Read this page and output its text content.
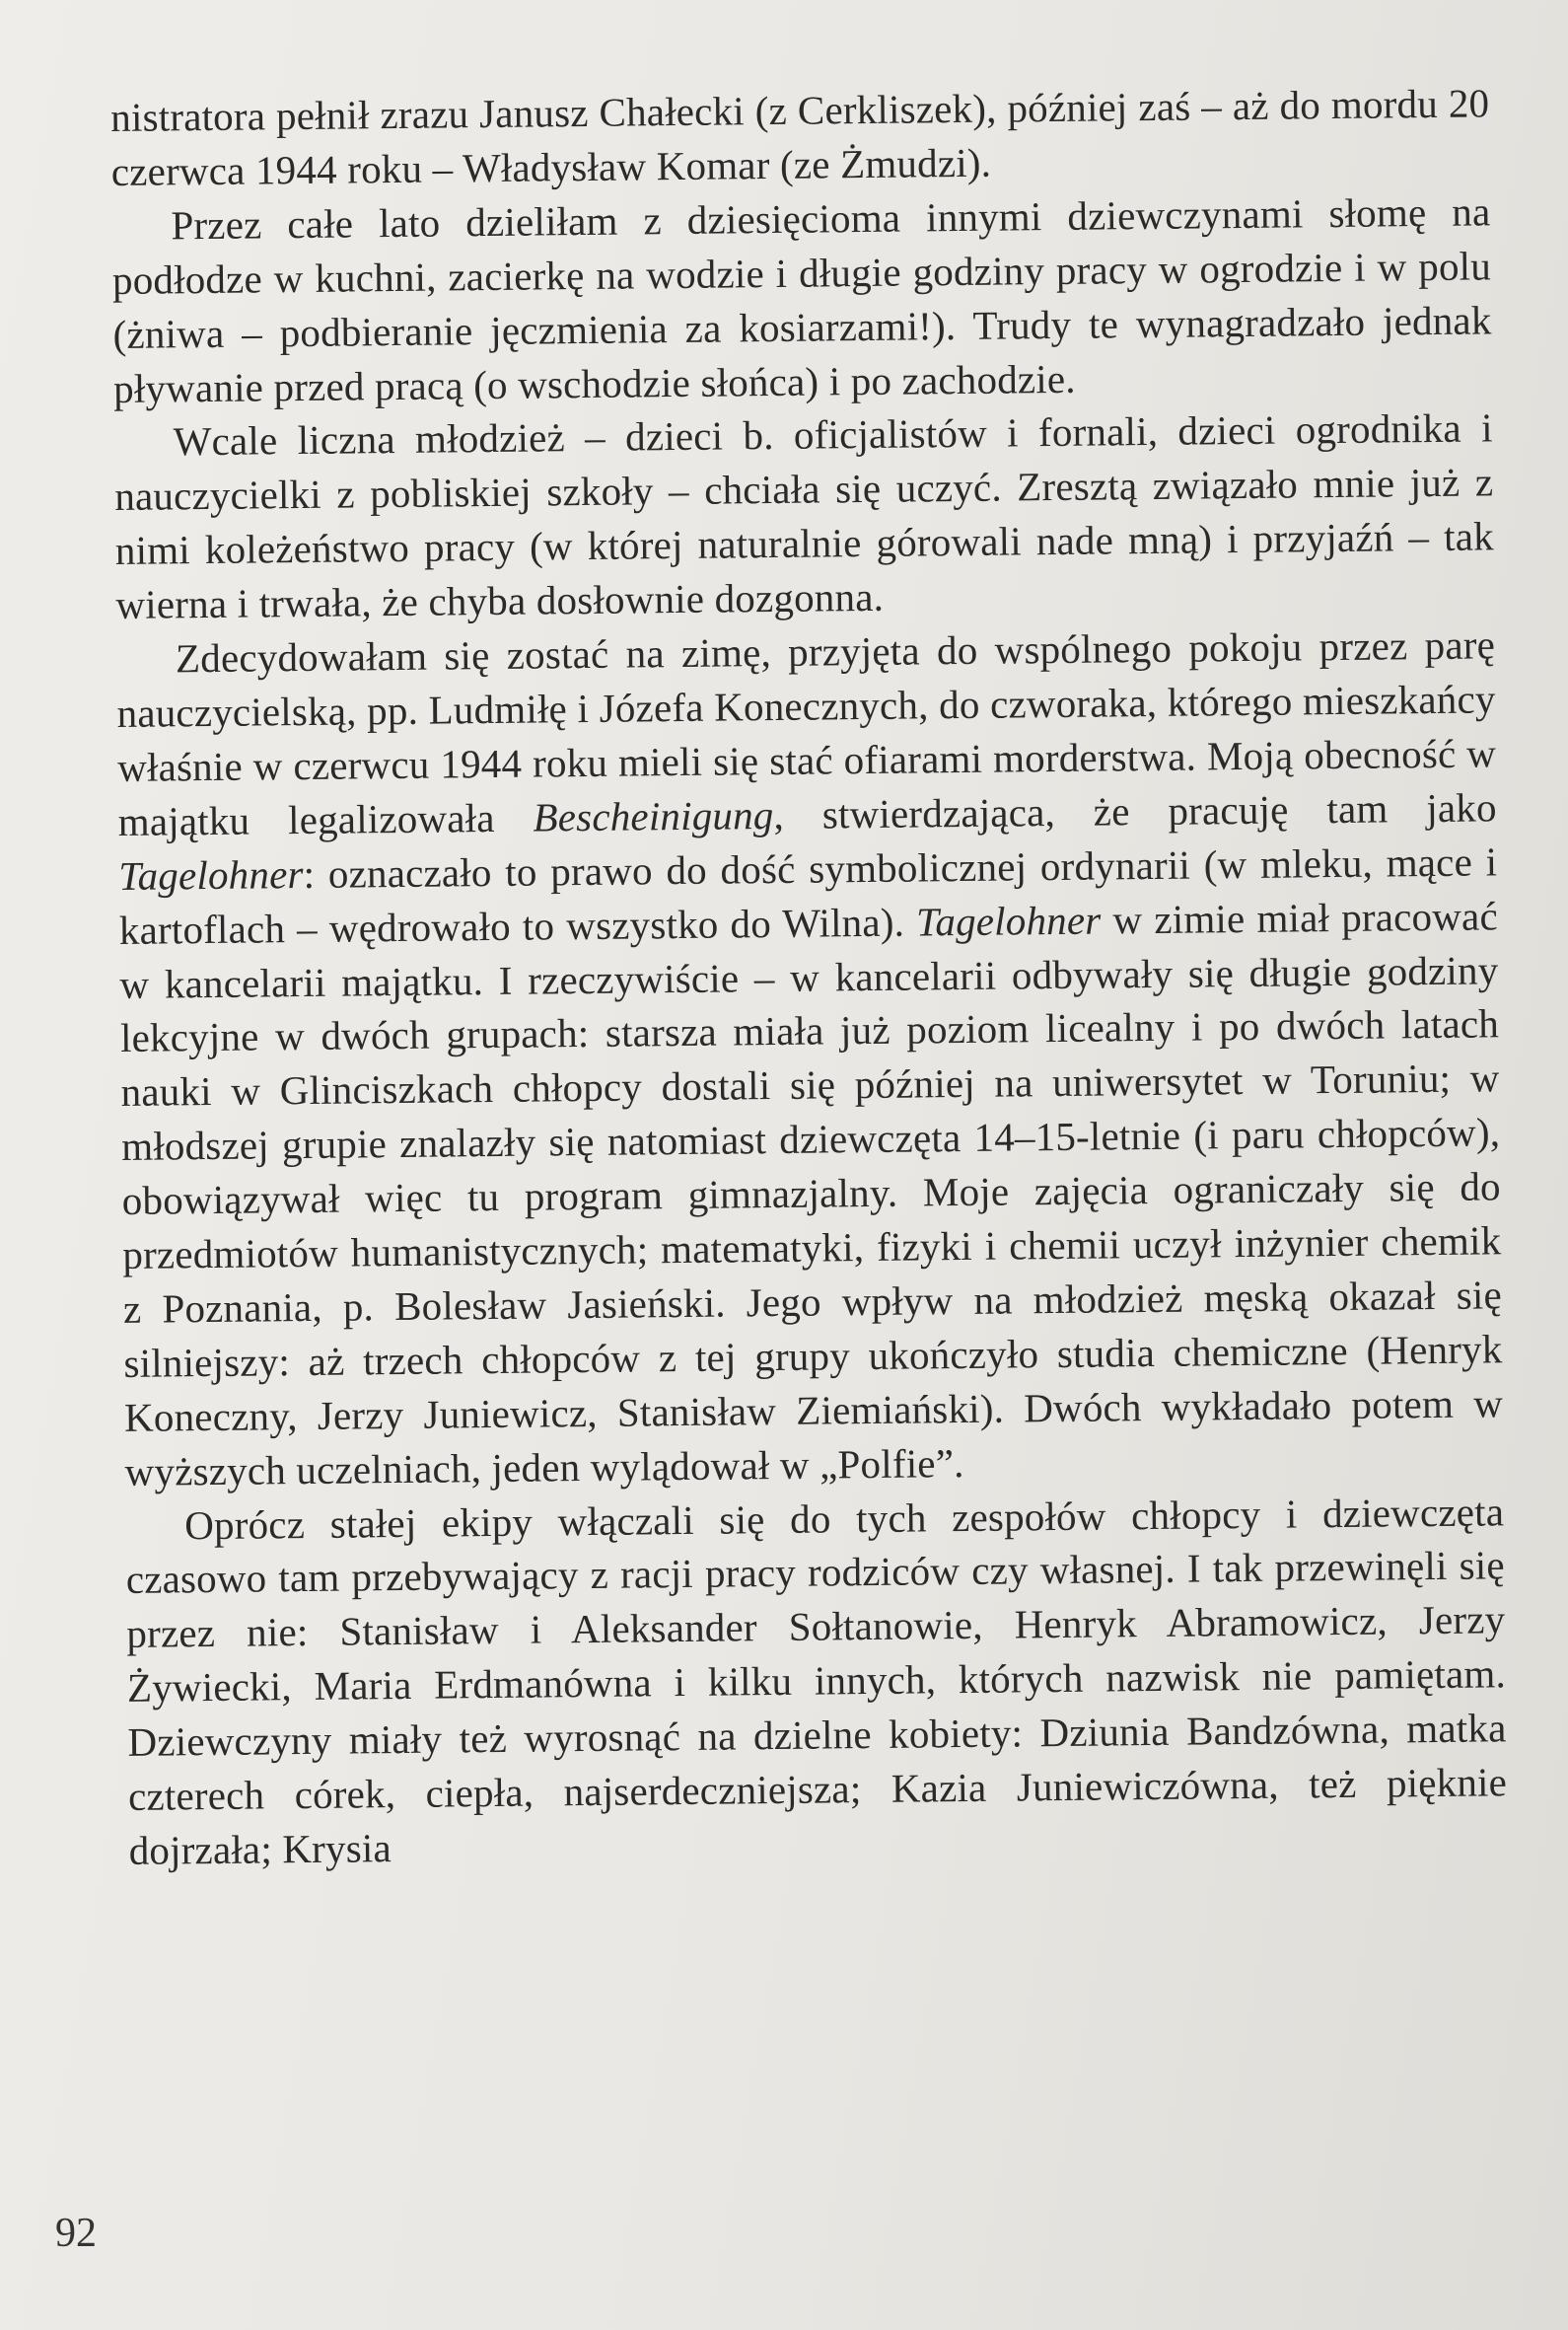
nistratora pełnił zrazu Janusz Chałecki (z Cerkliszek), później zaś – aż do mordu 20 czerwca 1944 roku – Władysław Komar (ze Żmudzi).

Przez całe lato dzieliłam z dziesięcioma innymi dziewczynami słomę na podłodze w kuchni, zacierkę na wodzie i długie godziny pracy w ogrodzie i w polu (żniwa – podbieranie jęczmienia za kosiarzami!). Trudy te wynagradzało jednak pływanie przed pracą (o wschodzie słońca) i po zachodzie.

Wcale liczna młodzież – dzieci b. oficjalistów i fornali, dzieci ogrodnika i nauczycielki z pobliskiej szkoły – chciała się uczyć. Zresztą związało mnie już z nimi koleżeństwo pracy (w której naturalnie górowali nade mną) i przyjaźń – tak wierna i trwała, że chyba dosłownie dozgonna.

Zdecydowałam się zostać na zimę, przyjęta do wspólnego pokoju przez parę nauczycielską, pp. Ludmiłę i Józefa Konecznych, do czworaka, którego mieszkańcy właśnie w czerwcu 1944 roku mieli się stać ofiarami morderstwa. Moją obecność w majątku legalizowała Bescheinigung, stwierdzająca, że pracuję tam jako Tagelohner: oznaczało to prawo do dość symbolicznej ordynarii (w mleku, mące i kartoflach – wędrowało to wszystko do Wilna). Tagelohner w zimie miał pracować w kancelarii majątku. I rzeczywiście – w kancelarii odbywały się długie godziny lekcyjne w dwóch grupach: starsza miała już poziom licealny i po dwóch latach nauki w Glinciszkach chłopcy dostali się później na uniwersytet w Toruniu; w młodszej grupie znalazły się natomiast dziewczęta 14–15-letnie (i paru chłopców), obowiązywał więc tu program gimnazjalny. Moje zajęcia ograniczały się do przedmiotów humanistycznych; matematyki, fizyki i chemii uczył inżynier chemik z Poznania, p. Bolesław Jasieński. Jego wpływ na młodzież męską okazał się silniejszy: aż trzech chłopców z tej grupy ukończyło studia chemiczne (Henryk Koneczny, Jerzy Juniewicz, Stanisław Ziemiański). Dwóch wykładało potem w wyższych uczelniach, jeden wylądował w „Polfie”.

Oprócz stałej ekipy włączali się do tych zespołów chłopcy i dziewczęta czasowo tam przebywający z racji pracy rodziców czy własnej. I tak przewinęli się przez nie: Stanisław i Aleksander Sołtanowie, Henryk Abramowicz, Jerzy Żywiecki, Maria Erdmanówna i kilku innych, których nazwisk nie pamiętam. Dziewczyny miały też wyrosnąć na dzielne kobiety: Dziunia Bandzówna, matka czterech córek, ciepła, najserdeczniejsza; Kazia Juniewiczówna, też pięknie dojrzała; Krysia

92
